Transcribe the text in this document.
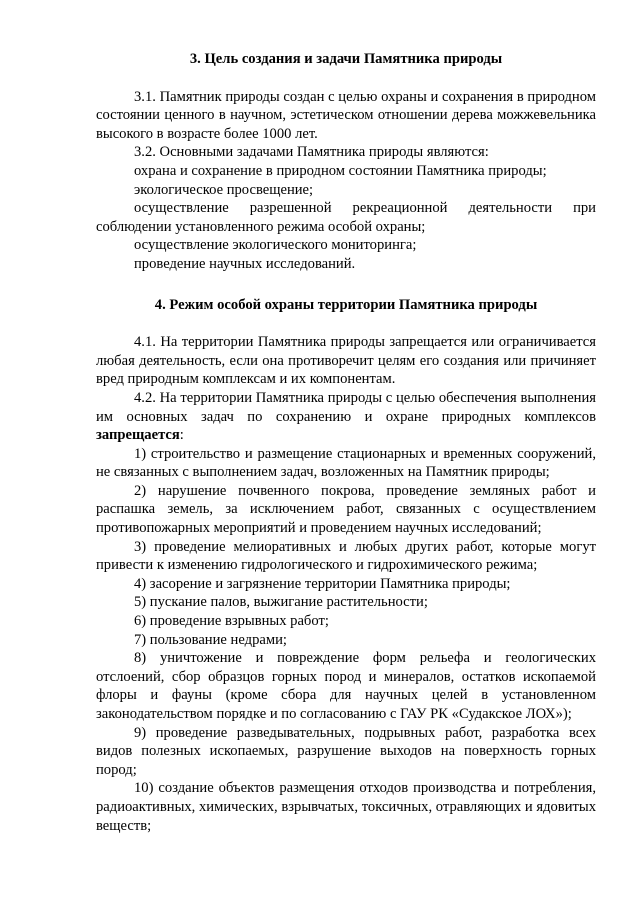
3. Цель создания и задачи Памятника природы

3.1. Памятник природы создан с целью охраны и сохранения в природном состоянии ценного в научном, эстетическом отношении дерева можжевельника высокого в возрасте более 1000 лет.

3.2. Основными задачами Памятника природы являются:

охрана и сохранение в природном состоянии Памятника природы;

экологическое просвещение;

осуществление разрешенной рекреационной деятельности при соблюдении установленного режима особой охраны;

осуществление экологического мониторинга;

проведение научных исследований.

4. Режим особой охраны территории Памятника природы

4.1. На территории Памятника природы запрещается или ограничивается любая деятельность, если она противоречит целям его создания или причиняет вред природным комплексам и их компонентам.

4.2. На территории Памятника природы с целью обеспечения выполнения им основных задач по сохранению и охране природных комплексов запрещается:

1) строительство и размещение стационарных и временных сооружений, не связанных с выполнением задач, возложенных на Памятник природы;

2) нарушение почвенного покрова, проведение земляных работ и распашка земель, за исключением работ, связанных с осуществлением противопожарных мероприятий и проведением научных исследований;

3) проведение мелиоративных и любых других работ, которые могут привести к изменению гидрологического и гидрохимического режима;

4) засорение и загрязнение территории Памятника природы;

5) пускание палов, выжигание растительности;

6) проведение взрывных работ;

7) пользование недрами;

8) уничтожение и повреждение форм рельефа и геологических отслоений, сбор образцов горных пород и минералов, остатков ископаемой флоры и фауны (кроме сбора для научных целей в установленном законодательством порядке и по согласованию с ГАУ РК «Судакское ЛОХ»);

9) проведение разведывательных, подрывных работ, разработка всех видов полезных ископаемых, разрушение выходов на поверхность горных пород;

10) создание объектов размещения отходов производства и потребления, радиоактивных, химических, взрывчатых, токсичных, отравляющих и ядовитых веществ;
